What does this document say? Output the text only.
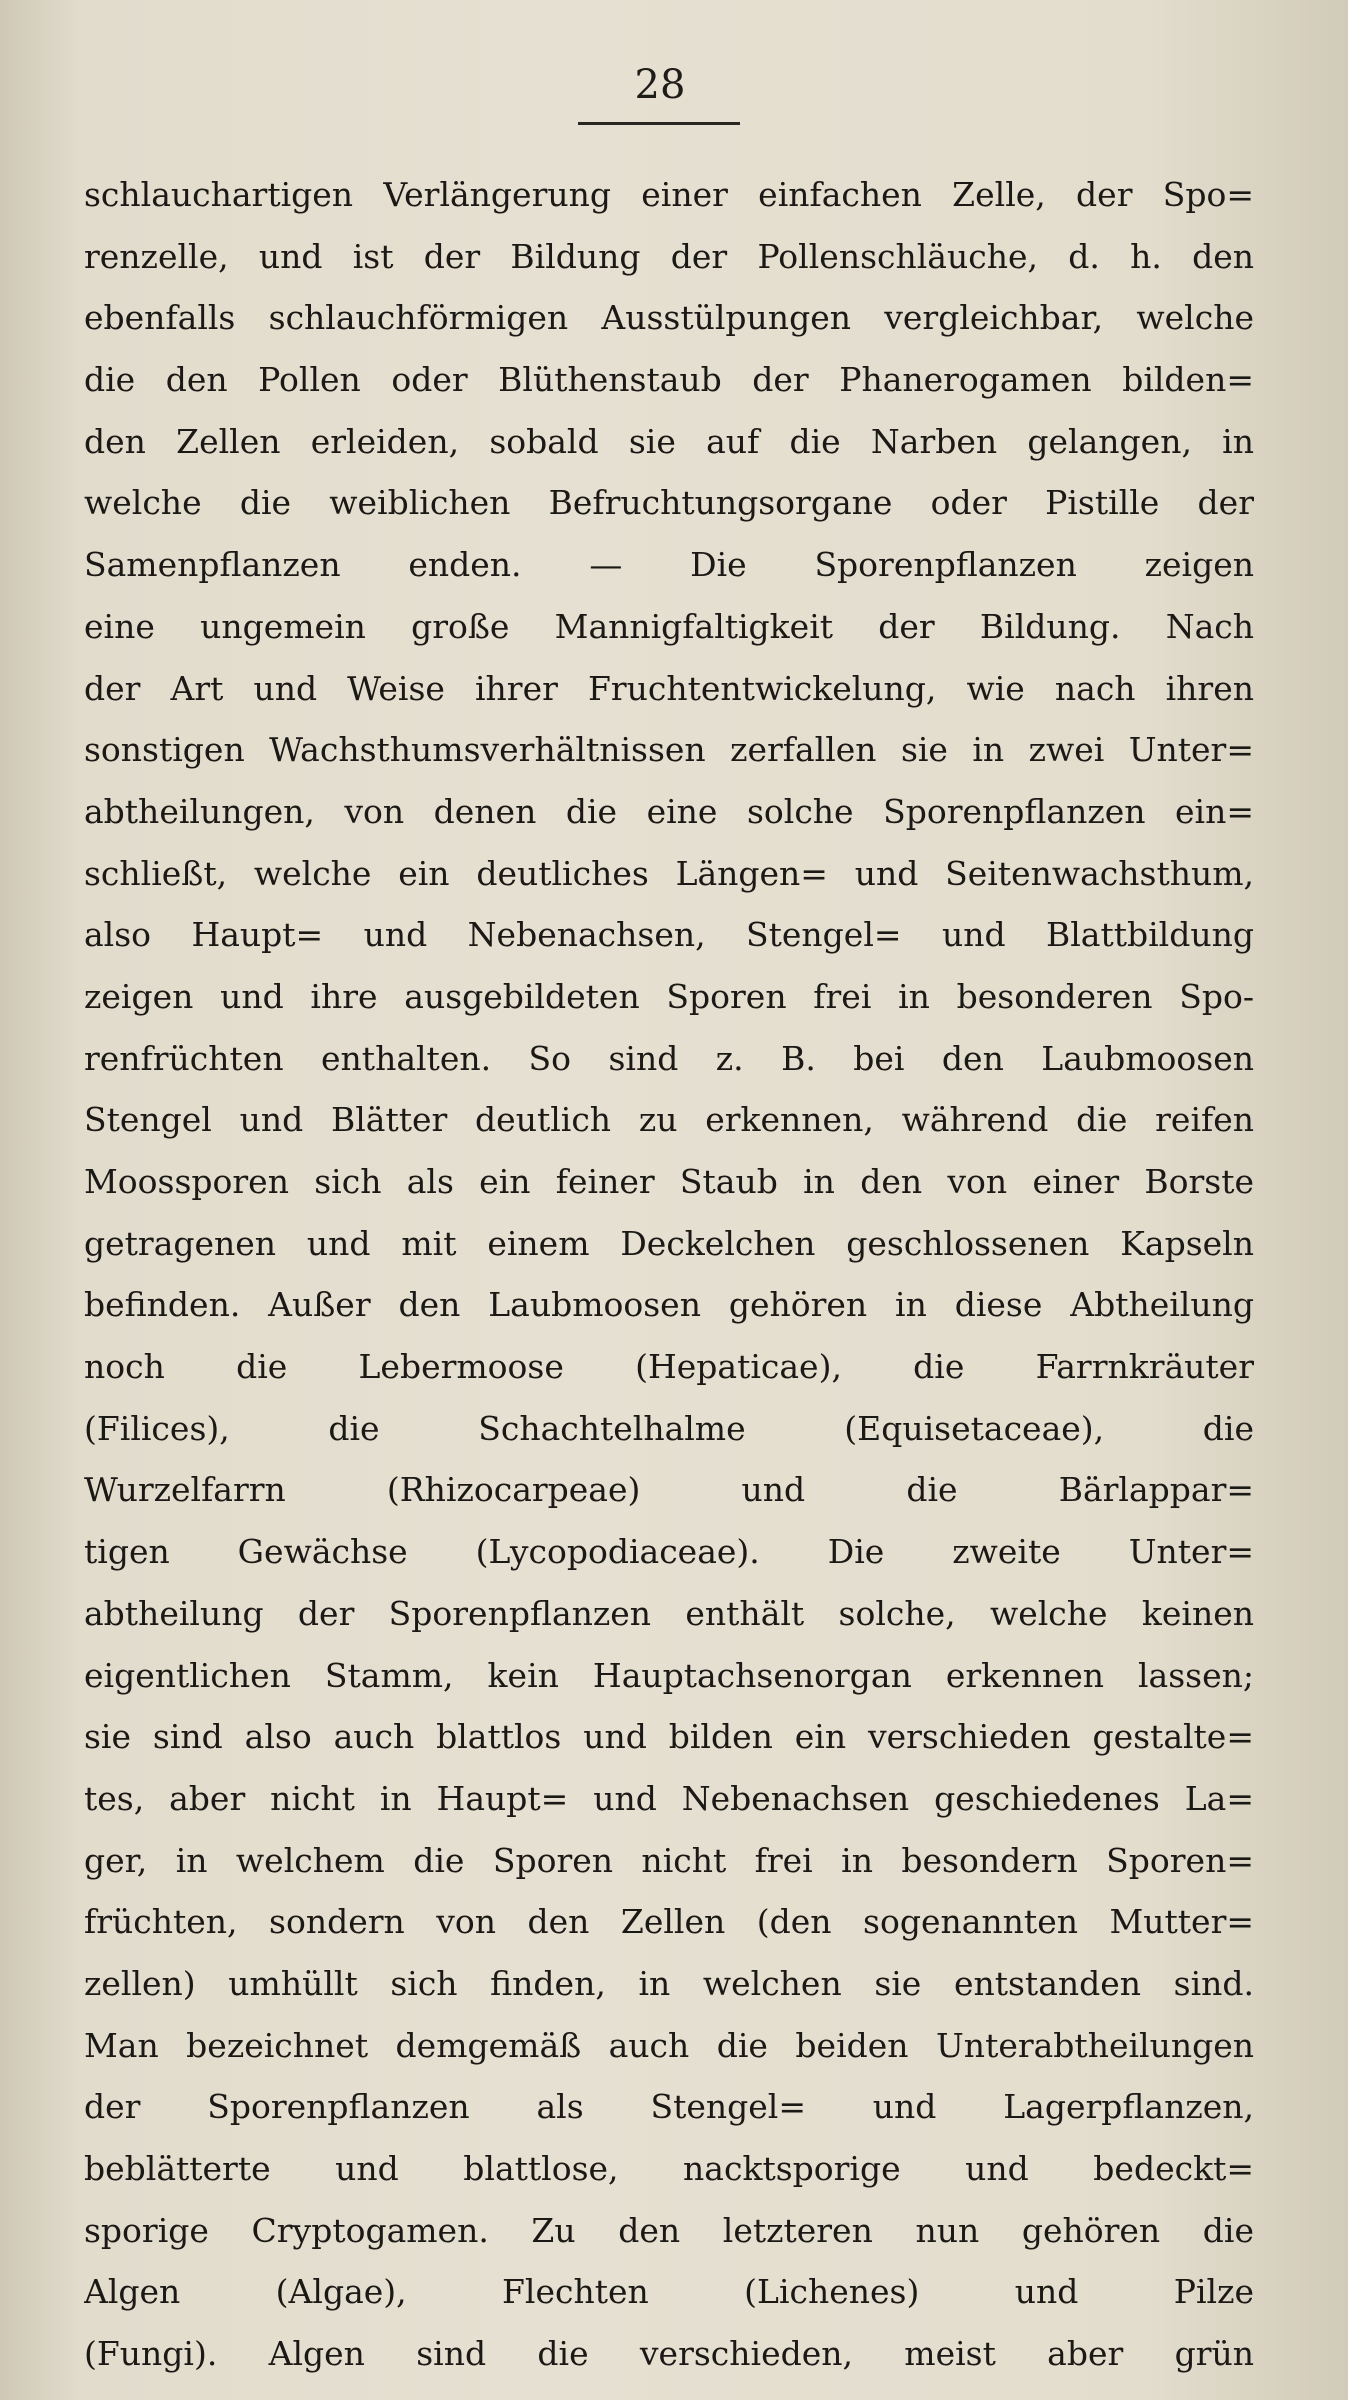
28
schlauchartigen Verlängerung einer einfachen Zelle, der Spo=
renzelle, und ist der Bildung der Pollenschläuche, d. h. den
ebenfalls schlauchförmigen Ausstülpungen vergleichbar, welche
die den Pollen oder Blüthenstaub der Phanerogamen bilden=
den Zellen erleiden, sobald sie auf die Narben gelangen, in
welche die weiblichen Befruchtungsorgane oder Pistille der
Samenpflanzen enden. — Die Sporenpflanzen zeigen
eine ungemein große Mannigfaltigkeit der Bildung. Nach
der Art und Weise ihrer Fruchtentwickelung, wie nach ihren
sonstigen Wachsthumsverhältnissen zerfallen sie in zwei Unter=
abtheilungen, von denen die eine solche Sporenpflanzen ein=
schließt, welche ein deutliches Längen= und Seitenwachsthum,
also Haupt= und Nebenachsen, Stengel= und Blattbildung
zeigen und ihre ausgebildeten Sporen frei in besonderen Spo-
renfrüchten enthalten. So sind z. B. bei den Laubmoosen
Stengel und Blätter deutlich zu erkennen, während die reifen
Moossporen sich als ein feiner Staub in den von einer Borste
getragenen und mit einem Deckelchen geschlossenen Kapseln
befinden. Außer den Laubmoosen gehören in diese Abtheilung
noch die Lebermoose (Hepaticae), die Farrnkräuter
(Filices), die Schachtelhalme (Equisetaceae), die
Wurzelfarrn (Rhizocarpeae) und die Bärlappar=
tigen Gewächse (Lycopodiaceae). Die zweite Unter=
abtheilung der Sporenpflanzen enthält solche, welche keinen
eigentlichen Stamm, kein Hauptachsenorgan erkennen lassen;
sie sind also auch blattlos und bilden ein verschieden gestalte=
tes, aber nicht in Haupt= und Nebenachsen geschiedenes La=
ger, in welchem die Sporen nicht frei in besondern Sporen=
früchten, sondern von den Zellen (den sogenannten Mutter=
zellen) umhüllt sich finden, in welchen sie entstanden sind.
Man bezeichnet demgemäß auch die beiden Unterabtheilungen
der Sporenpflanzen als Stengel= und Lagerpflanzen,
beblätterte und blattlose, nacktsporige und bedeckt=
sporige Cryptogamen. Zu den letzteren nun gehören die
Algen (Algae), Flechten (Lichenes) und Pilze
(Fungi). Algen sind die verschieden, meist aber grün
